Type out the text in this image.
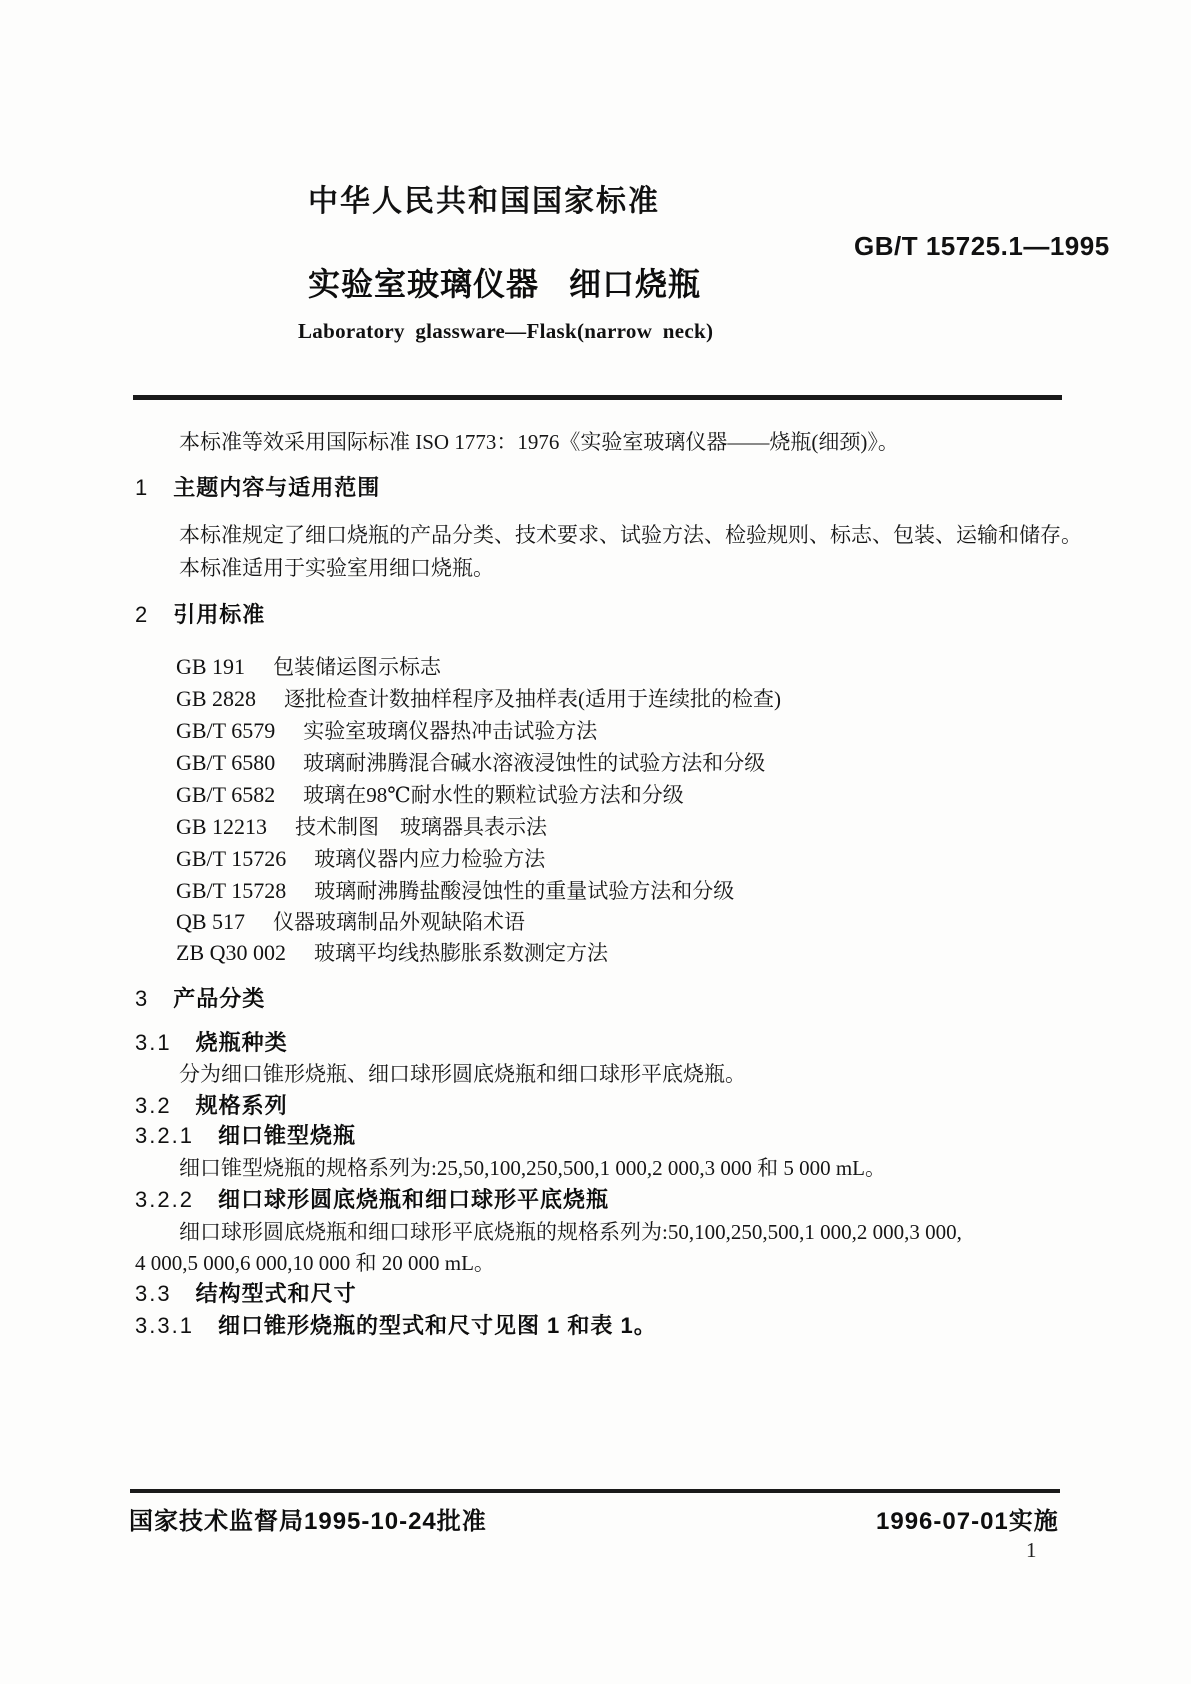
中华人民共和国国家标准
GB/T 15725.1—1995
实验室玻璃仪器 细口烧瓶
Laboratory glassware—Flask(narrow neck)
本标准等效采用国际标准 ISO 1773：1976《实验室玻璃仪器——烧瓶(细颈)》。
1 主题内容与适用范围
本标准规定了细口烧瓶的产品分类、技术要求、试验方法、检验规则、标志、包装、运输和储存。
本标准适用于实验室用细口烧瓶。
2 引用标准
GB 191 包装储运图示标志
GB 2828 逐批检查计数抽样程序及抽样表(适用于连续批的检查)
GB/T 6579 实验室玻璃仪器热冲击试验方法
GB/T 6580 玻璃耐沸腾混合碱水溶液浸蚀性的试验方法和分级
GB/T 6582 玻璃在98℃耐水性的颗粒试验方法和分级
GB 12213 技术制图　玻璃器具表示法
GB/T 15726 玻璃仪器内应力检验方法
GB/T 15728 玻璃耐沸腾盐酸浸蚀性的重量试验方法和分级
QB 517 仪器玻璃制品外观缺陷术语
ZB Q30 002 玻璃平均线热膨胀系数测定方法
3 产品分类
3.1 烧瓶种类
分为细口锥形烧瓶、细口球形圆底烧瓶和细口球形平底烧瓶。
3.2 规格系列
3.2.1 细口锥型烧瓶
细口锥型烧瓶的规格系列为:25,50,100,250,500,1 000,2 000,3 000 和 5 000 mL。
3.2.2 细口球形圆底烧瓶和细口球形平底烧瓶
细口球形圆底烧瓶和细口球形平底烧瓶的规格系列为:50,100,250,500,1 000,2 000,3 000,
4 000,5 000,6 000,10 000 和 20 000 mL。
3.3 结构型式和尺寸
3.3.1 细口锥形烧瓶的型式和尺寸见图 1 和表 1。
国家技术监督局1995-10-24批准	1996-07-01实施
1
